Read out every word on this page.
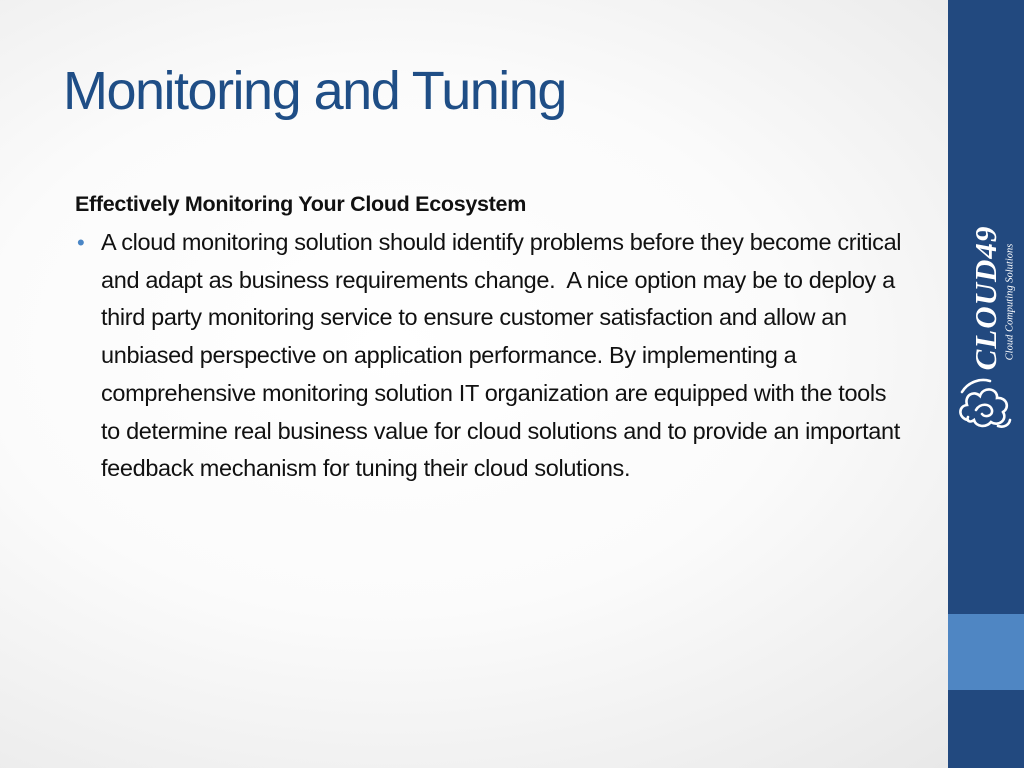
Monitoring and Tuning
Effectively Monitoring Your Cloud Ecosystem
• A cloud monitoring solution should identify problems before they become critical and adapt as business requirements change.  A nice option may be to deploy a third party monitoring service to ensure customer satisfaction and allow an unbiased perspective on application performance. By implementing a comprehensive monitoring solution IT organization are equipped with the tools to determine real business value for cloud solutions and to provide an important feedback mechanism for tuning their cloud solutions.

CLOUD49 Cloud Computing Solutions
